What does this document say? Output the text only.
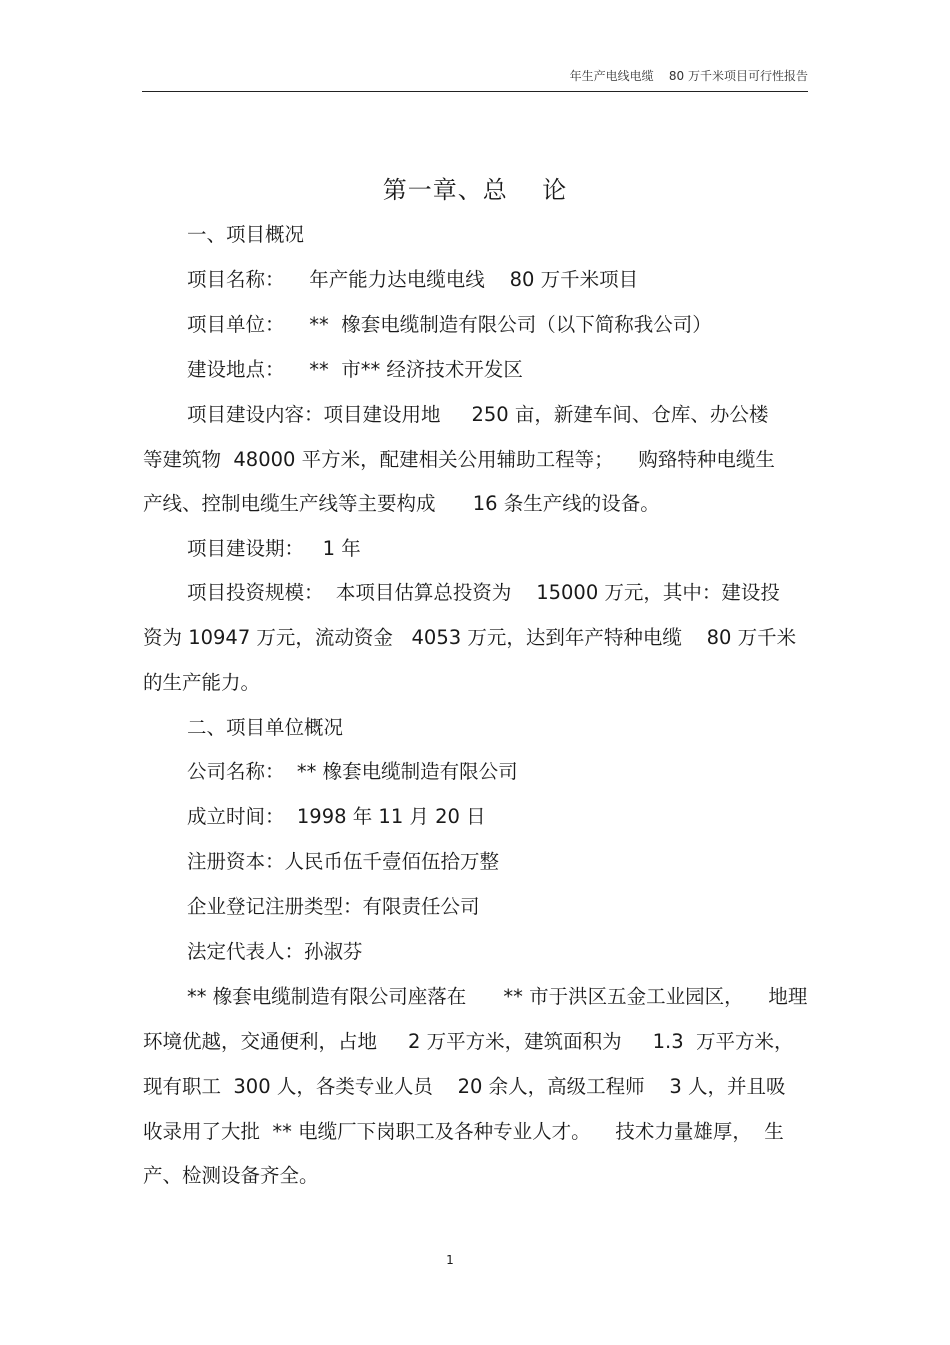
年生产电线电缆    80 万千米项目可行性报告
第一章、总    论
一、项目概况
项目名称：    年产能力达电缆电线    80 万千米项目
项目单位：    **  橡套电缆制造有限公司（以下简称我公司）
建设地点：    **  市** 经济技术开发区
项目建设内容：项目建设用地     250 亩，新建车间、仓库、办公楼
等建筑物  48000 平方米，配建相关公用辅助工程等；    购臵特种电缆生
产线、控制电缆生产线等主要构成      16 条生产线的设备。
项目建设期：   1 年
项目投资规模：  本项目估算总投资为    15000 万元，其中：建设投
资为 10947 万元，流动资金   4053 万元，达到年产特种电缆    80 万千米
的生产能力。
二、项目单位概况
公司名称：  ** 橡套电缆制造有限公司
成立时间：  1998 年 11 月 20 日
注册资本：人民币伍千壹佰伍拾万整
企业登记注册类型：有限责任公司
法定代表人：孙淑芬
** 橡套电缆制造有限公司座落在      ** 市于洪区五金工业园区，    地理
环境优越，交通便利，占地     2 万平方米，建筑面积为     1.3  万平方米，
现有职工  300 人，各类专业人员    20 余人，高级工程师    3 人，并且吸
收录用了大批  ** 电缆厂下岗职工及各种专业人才。    技术力量雄厚，  生
产、检测设备齐全。
1
